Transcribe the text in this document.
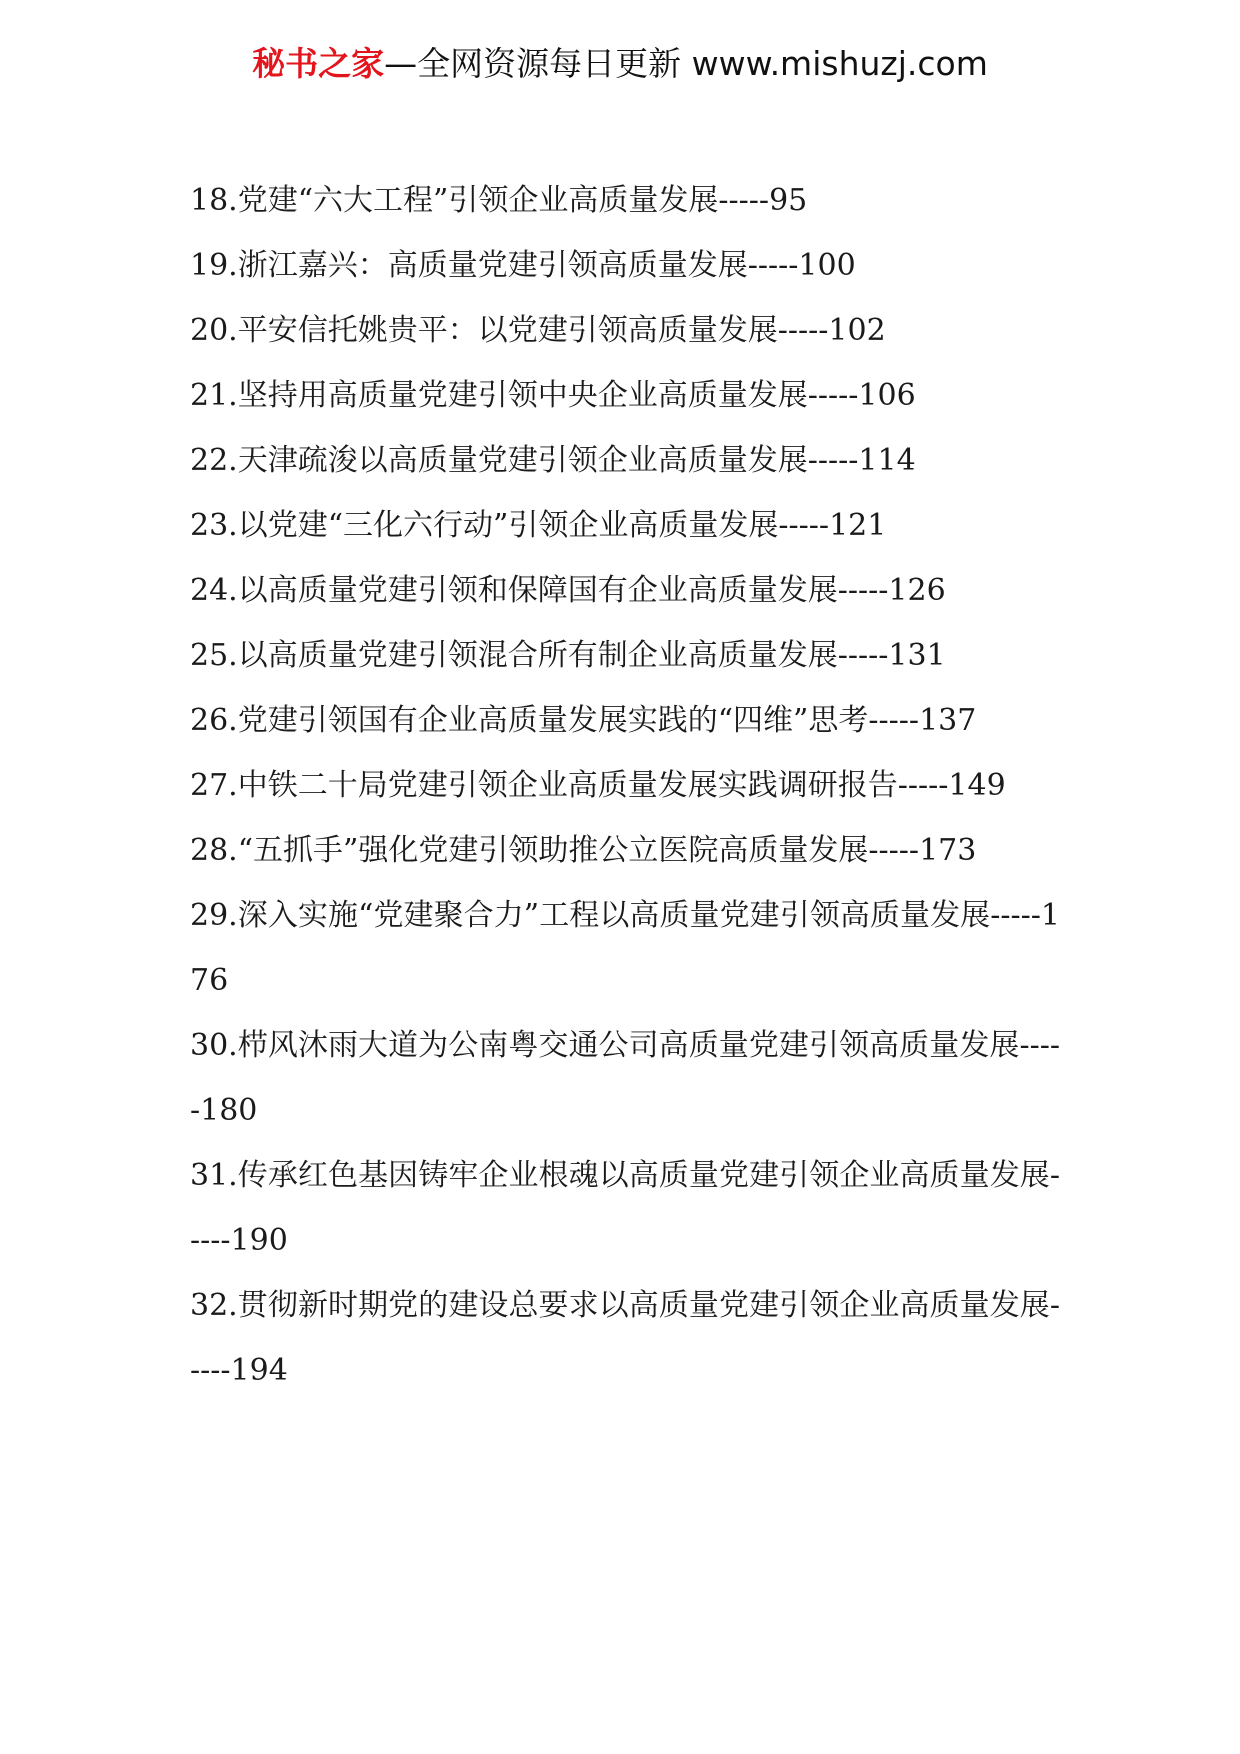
秘书之家—全网资源每日更新 www.mishuzj.com

18.党建“六大工程”引领企业高质量发展-----95

19.浙江嘉兴：高质量党建引领高质量发展-----100

20.平安信托姚贵平：以党建引领高质量发展-----102

21.坚持用高质量党建引领中央企业高质量发展-----106

22.天津疏浚以高质量党建引领企业高质量发展-----114

23.以党建“三化六行动”引领企业高质量发展-----121

24.以高质量党建引领和保障国有企业高质量发展-----126

25.以高质量党建引领混合所有制企业高质量发展-----131

26.党建引领国有企业高质量发展实践的“四维”思考-----137

27.中铁二十局党建引领企业高质量发展实践调研报告-----149

28.“五抓手”强化党建引领助推公立医院高质量发展-----173

29.深入实施“党建聚合力”工程以高质量党建引领高质量发展-----176

30.栉风沐雨大道为公南粤交通公司高质量党建引领高质量发展-----180

31.传承红色基因铸牢企业根魂以高质量党建引领企业高质量发展-----190

32.贯彻新时期党的建设总要求以高质量党建引领企业高质量发展-----194
